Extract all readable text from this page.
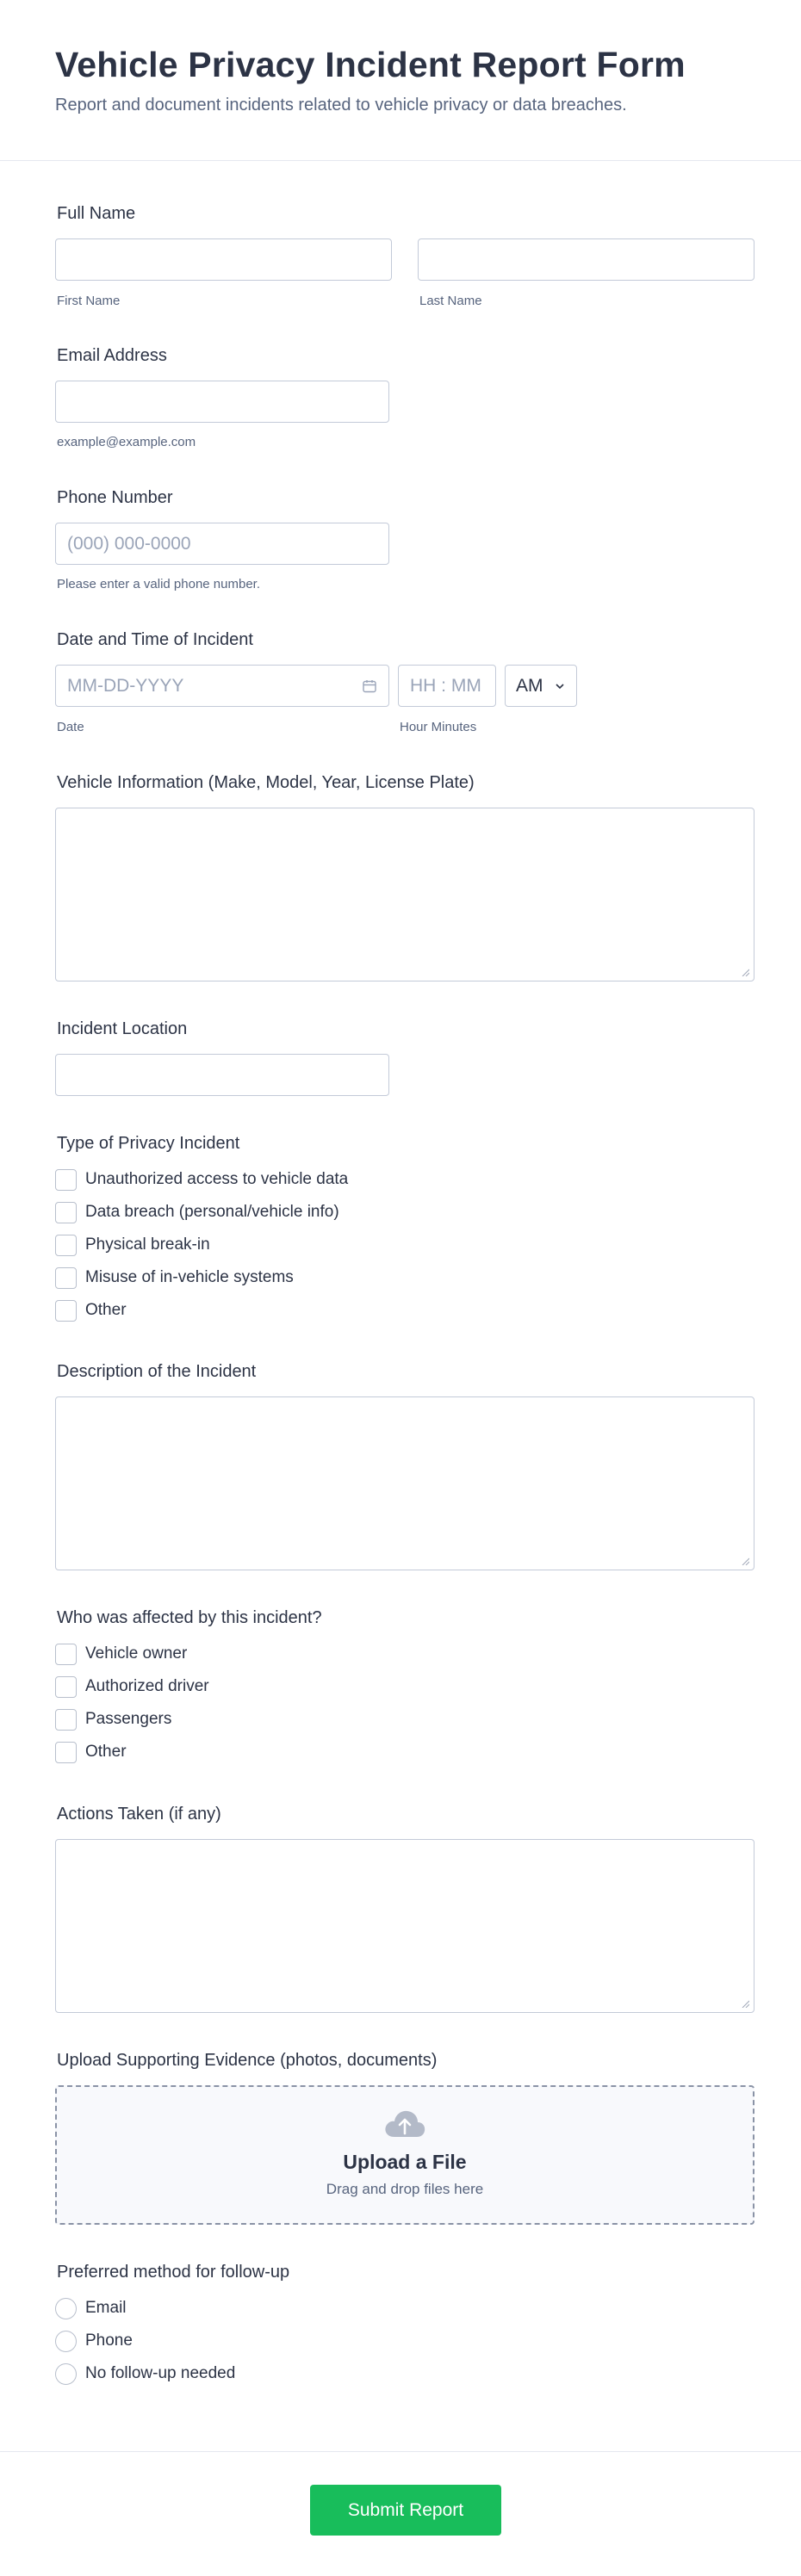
Vehicle Privacy Incident Report Form
Report and document incidents related to vehicle privacy or data breaches.
Full Name
First Name	Last Name
Email Address
example@example.com
Phone Number
(000) 000-0000
Please enter a valid phone number.
Date and Time of Incident
MM-DD-YYYY
Date
HH : MM
Hour Minutes
AM
Vehicle Information (Make, Model, Year, License Plate)
Incident Location
Type of Privacy Incident
Unauthorized access to vehicle data
Data breach (personal/vehicle info)
Physical break-in
Misuse of in-vehicle systems
Other
Description of the Incident
Who was affected by this incident?
Vehicle owner
Authorized driver
Passengers
Other
Actions Taken (if any)
Upload Supporting Evidence (photos, documents)
Upload a File
Drag and drop files here
Preferred method for follow-up
Email
Phone
No follow-up needed
Submit Report
